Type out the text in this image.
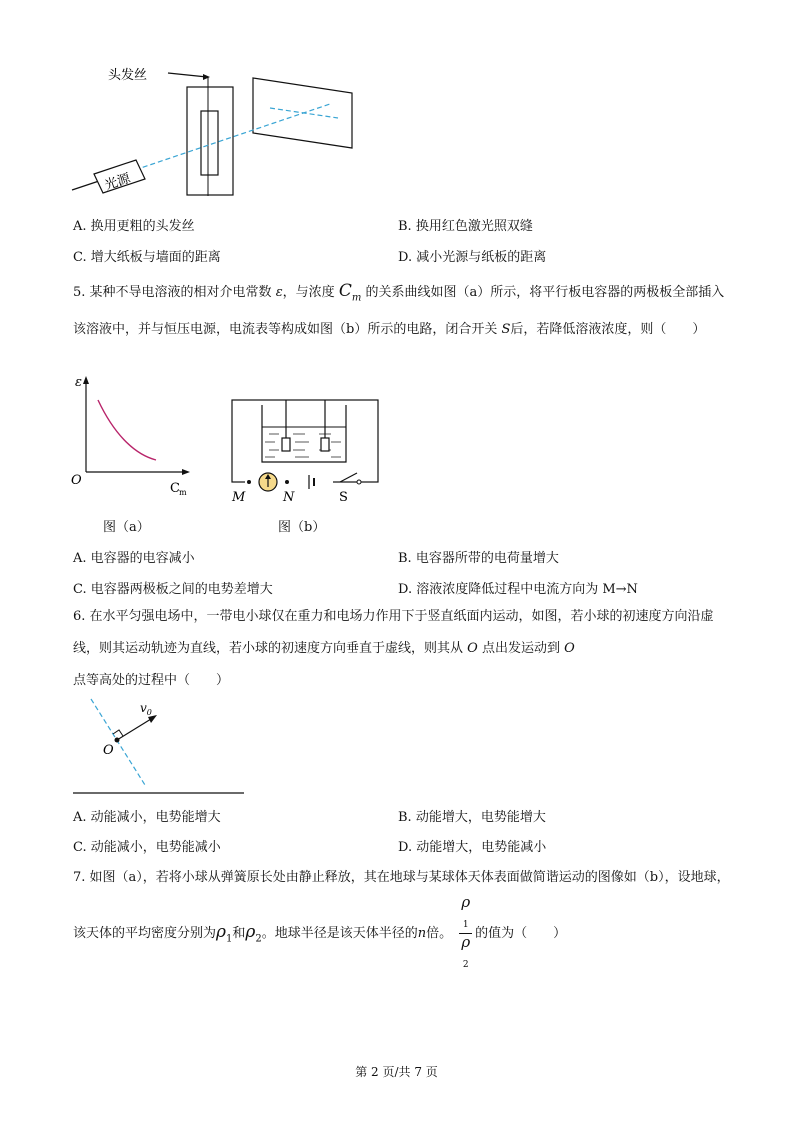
头发丝
光源
A. 换用更粗的头发丝	B. 换用红色激光照双缝
C. 增大纸板与墙面的距离	D. 减小光源与纸板的距离
5. 某种不导电溶液的相对介电常数 ε，与浓度 $C_m$ 的关系曲线如图（a）所示，将平行板电容器的两极板全部插入该溶液中，并与恒压电源，电流表等构成如图（b）所示的电路，闭合开关 S后，若降低溶液浓度，则（　　）
ε
O
C m	M	N	S
图（a）	图（b）
A. 电容器的电容减小	B. 电容器所带的电荷量增大
C. 电容器两极板之间的电势差增大	D. 溶液浓度降低过程中电流方向为 M→N
6. 在水平匀强电场中，一带电小球仅在重力和电场力作用下于竖直纸面内运动，如图，若小球的初速度方向沿虚线，则其运动轨迹为直线，若小球的初速度方向垂直于虚线，则其从 O 点出发运动到 O 点等高处的过程中（　　）
$v_0$
O
A. 动能减小，电势能增大	B. 动能增大，电势能增大
C. 动能减小，电势能减小	D. 动能增大，电势能减小
7. 如图（a），若将小球从弹簧原长处由静止释放，其在地球与某球体天体表面做简谐运动的图像如（b），设地球，该天体的平均密度分别为$\rho_1$和$\rho_2$。地球半径是该天体半径的n倍。 ρ
$_1$
ρ
$_2$ 的值为（　　）
第 2 页/共 7 页
